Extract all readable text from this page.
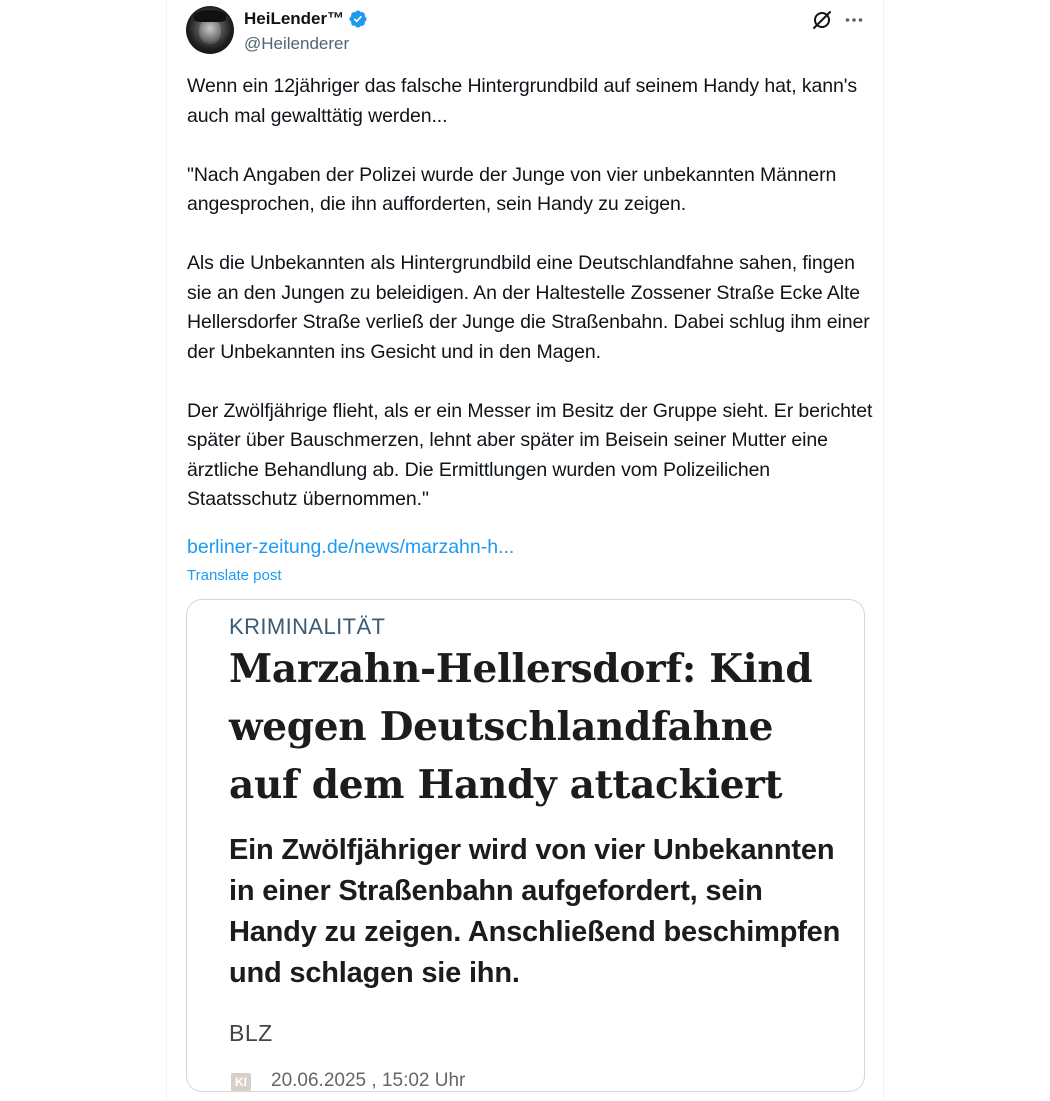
HeiLender™
@Heilenderer

Wenn ein 12jähriger das falsche Hintergrundbild auf seinem Handy hat, kann's auch mal gewalttätig werden...

"Nach Angaben der Polizei wurde der Junge von vier unbekannten Männern angesprochen, die ihn aufforderten, sein Handy zu zeigen.

Als die Unbekannten als Hintergrundbild eine Deutschlandfahne sahen, fingen sie an den Jungen zu beleidigen. An der Haltestelle Zossener Straße Ecke Alte Hellersdorfer Straße verließ der Junge die Straßenbahn. Dabei schlug ihm einer der Unbekannten ins Gesicht und in den Magen.

Der Zwölfjährige flieht, als er ein Messer im Besitz der Gruppe sieht. Er berichtet später über Bauschmerzen, lehnt aber später im Beisein seiner Mutter eine ärztliche Behandlung ab. Die Ermittlungen wurden vom Polizeilichen Staatsschutz übernommen."

berliner-zeitung.de/news/marzahn-h...
Translate post
KRIMINALITÄT
Marzahn-Hellersdorf: Kind wegen Deutschlandfahne auf dem Handy attackiert
Ein Zwölfjähriger wird von vier Unbekannten in einer Straßenbahn aufgefordert, sein Handy zu zeigen. Anschließend beschimpfen und schlagen sie ihn.
BLZ
KI 20.06.2025 , 15:02 Uhr
